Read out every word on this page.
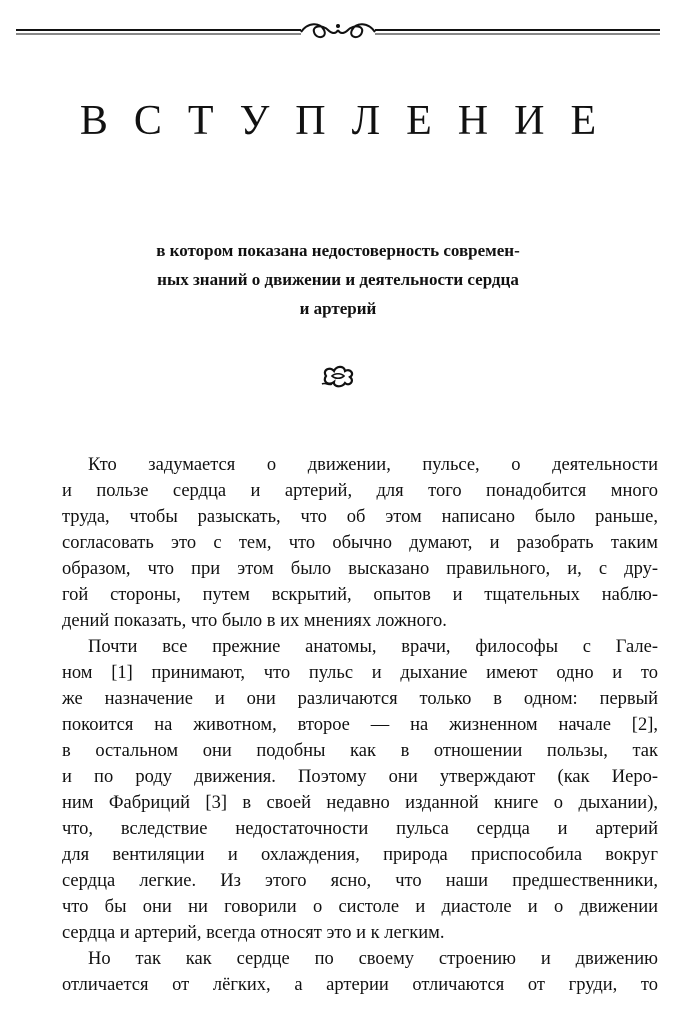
ВСТУПЛЕНИЕ
в котором показана недостоверность современ-
ных знаний о движении и деятельности сердца
и артерий
Кто задумается о движении, пульсе, о деятельности
и пользе сердца и артерий, для того понадобится много
труда, чтобы разыскать, что об этом написано было раньше,
согласовать это с тем, что обычно думают, и разобрать таким
образом, что при этом было высказано правильного, и, с дру-
гой стороны, путем вскрытий, опытов и тщательных наблю-
дений показать, что было в их мнениях ложного.
Почти все прежние анатомы, врачи, философы с Гале-
ном [1] принимают, что пульс и дыхание имеют одно и то
же назначение и они различаются только в одном: первый
покоится на животном, второе — на жизненном начале [2],
в остальном они подобны как в отношении пользы, так
и по роду движения. Поэтому они утверждают (как Иеро-
ним Фабриций [3] в своей недавно изданной книге о дыхании),
что, вследствие недостаточности пульса сердца и артерий
для вентиляции и охлаждения, природа приспособила вокруг
сердца легкие. Из этого ясно, что наши предшественники,
что бы они ни говорили о систоле и диастоле и о движении
сердца и артерий, всегда относят это и к легким.
Но так как сердце по своему строению и движению
отличается от лёгких, а артерии отличаются от груди, то
